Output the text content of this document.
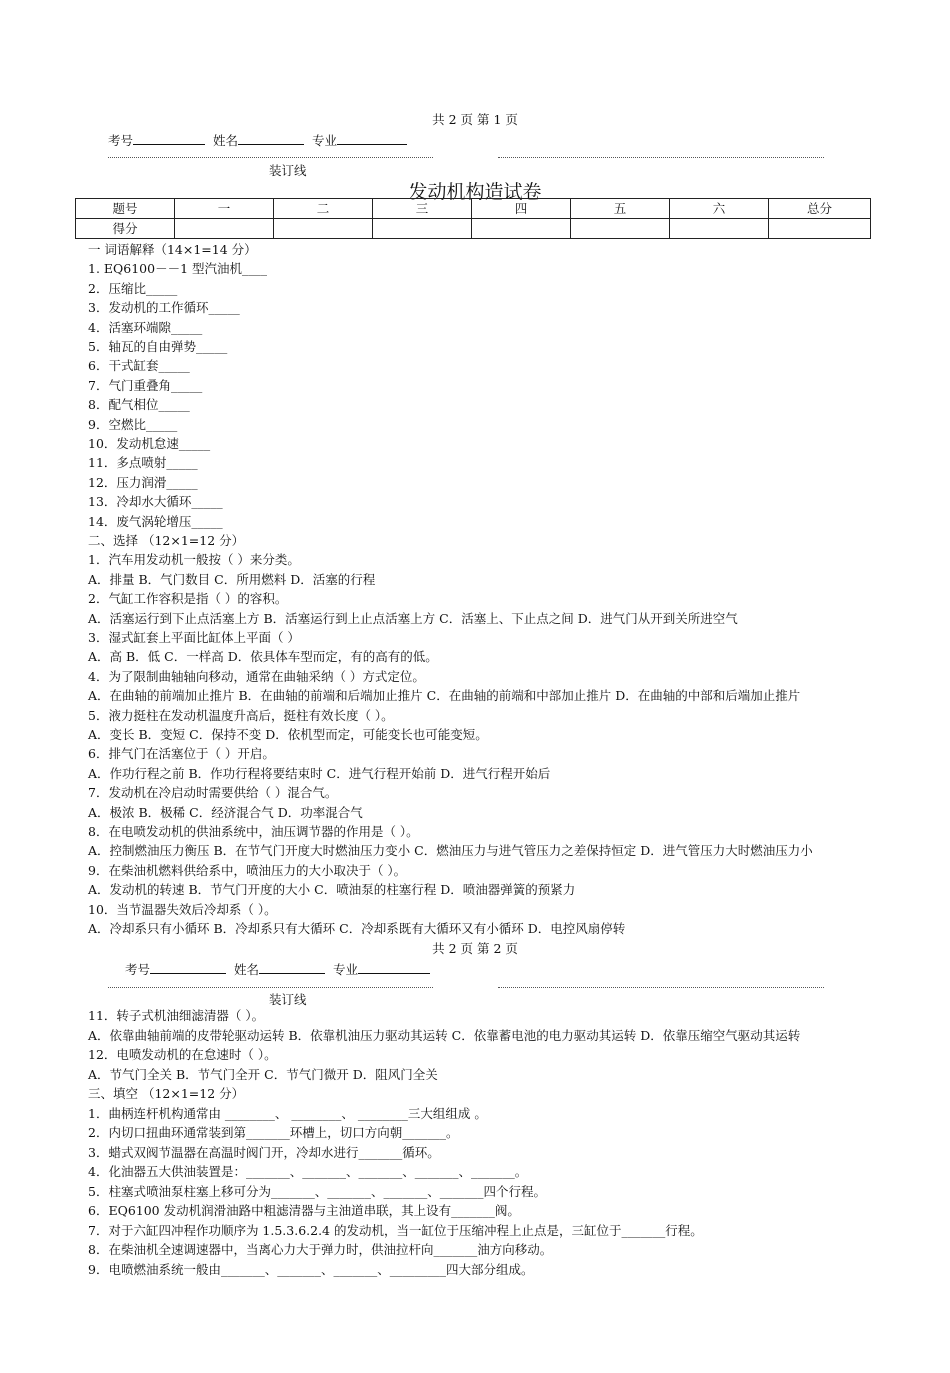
共 2 页 第 1 页
考号	姓名	专业
装订线
发动机构造试卷
题号	一	二	三	四	五	六	总分
得分							
一 词语解释（14×1=14 分）
1. EQ6100－－1 型汽油机____
2．压缩比_____
3．发动机的工作循环_____
4．活塞环端隙_____
5．轴瓦的自由弹势_____
6．干式缸套_____
7．气门重叠角_____
8．配气相位_____
9．空燃比_____
10．发动机怠速_____
11．多点喷射_____
12．压力润滑_____
13．冷却水大循环_____
14．废气涡轮增压_____
二、选择 （12×1=12 分）
1．汽车用发动机一般按（ ）来分类。
A．排量 B．气门数目 C．所用燃料 D．活塞的行程
2．气缸工作容积是指（ ）的容积。
A．活塞运行到下止点活塞上方 B．活塞运行到上止点活塞上方 C．活塞上、下止点之间 D．进气门从开到关所进空气
3．湿式缸套上平面比缸体上平面（ ）
A．高 B．低 C．一样高 D．依具体车型而定，有的高有的低。
4．为了限制曲轴轴向移动，通常在曲轴采纳（ ）方式定位。
A．在曲轴的前端加止推片 B．在曲轴的前端和后端加止推片 C．在曲轴的前端和中部加止推片 D．在曲轴的中部和后端加止推片
5．液力挺柱在发动机温度升高后，挺柱有效长度（ ）。
A．变长 B．变短 C．保持不变 D．依机型而定，可能变长也可能变短。
6．排气门在活塞位于（ ）开启。
A．作功行程之前 B．作功行程将要结束时 C．进气行程开始前 D．进气行程开始后
7．发动机在冷启动时需要供给（ ）混合气。
A．极浓 B．极稀 C．经济混合气 D．功率混合气
8．在电喷发动机的供油系统中，油压调节器的作用是（ ）。
A．控制燃油压力衡压 B．在节气门开度大时燃油压力变小 C．燃油压力与进气管压力之差保持恒定 D．进气管压力大时燃油压力小
9．在柴油机燃料供给系中，喷油压力的大小取决于（ ）。
A．发动机的转速 B．节气门开度的大小 C．喷油泵的柱塞行程 D．喷油器弹簧的预紧力
10．当节温器失效后冷却系（ ）。
A．冷却系只有小循环 B．冷却系只有大循环 C．冷却系既有大循环又有小循环 D．电控风扇停转
共 2 页 第 2 页
考号	姓名	专业
装订线
11．转子式机油细滤清器（ ）。
A．依靠曲轴前端的皮带轮驱动运转 B．依靠机油压力驱动其运转 C．依靠蓄电池的电力驱动其运转 D．依靠压缩空气驱动其运转
12．电喷发动机的在怠速时（ ）。
A．节气门全关 B．节气门全开 C．节气门微开 D．阻风门全关
三、填空 （12×1=12 分）
1．曲柄连杆机构通常由 ________、 ________、 ________三大组组成 。
2．内切口扭曲环通常装到第_______环槽上，切口方向朝_______。
3．蜡式双阀节温器在高温时阀门开，冷却水进行_______循环。
4．化油器五大供油装置是：_______、_______、_______、_______、_______。
5．柱塞式喷油泵柱塞上移可分为_______、_______、_______、_______四个行程。
6．EQ6100 发动机润滑油路中粗滤清器与主油道串联，其上设有_______阀。
7．对于六缸四冲程作功顺序为 1.5.3.6.2.4 的发动机，当一缸位于压缩冲程上止点是，三缸位于_______行程。
8．在柴油机全速调速器中，当离心力大于弹力时，供油拉杆向_______油方向移动。
9．电喷燃油系统一般由_______、_______、_______、_________四大部分组成。
